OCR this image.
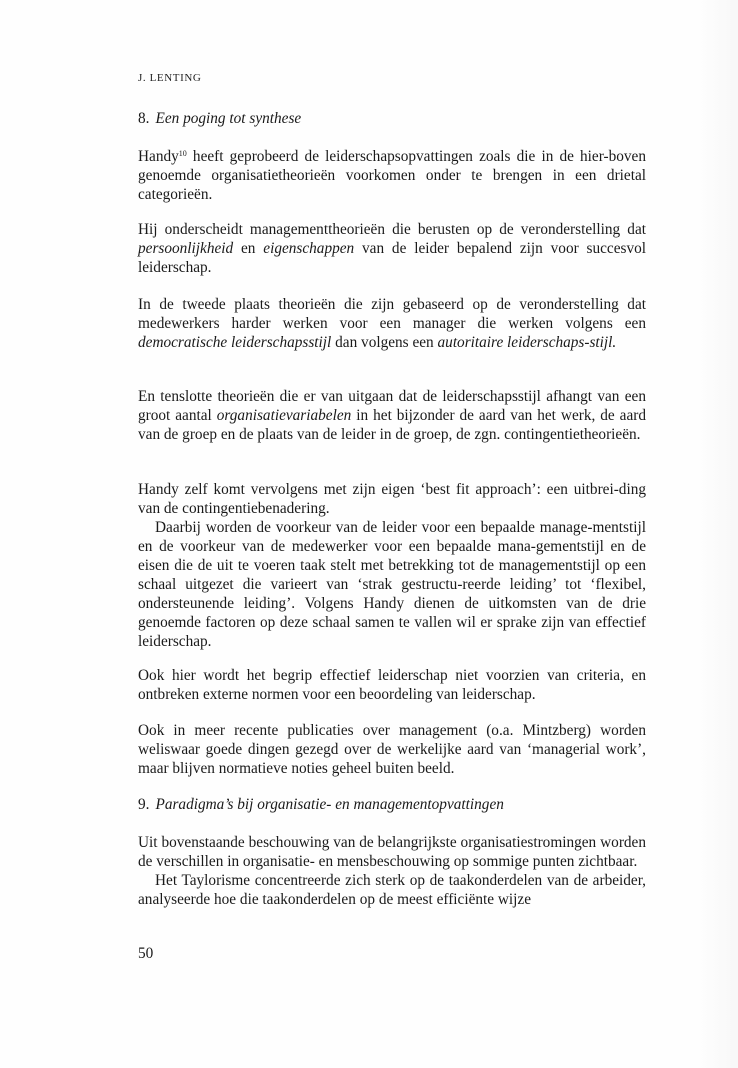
J. LENTING
8. Een poging tot synthese

Handy$^{10}$ heeft geprobeerd de leiderschapsopvattingen zoals die in de hier-boven genoemde organisatietheorieën voorkomen onder te brengen in een drietal categorieën.

Hij onderscheidt managementtheorieën die berusten op de veronderstelling dat persoonlijkheid en eigenschappen van de leider bepalend zijn voor succesvol leiderschap.

In de tweede plaats theorieën die zijn gebaseerd op de veronderstelling dat medewerkers harder werken voor een manager die werken volgens een democratische leiderschapsstijl dan volgens een autoritaire leiderschaps-stijl.

En tenslotte theorieën die er van uitgaan dat de leiderschapsstijl afhangt van een groot aantal organisatievariabelen in het bijzonder de aard van het werk, de aard van de groep en de plaats van de leider in de groep, de zgn. contingentietheorieën.

Handy zelf komt vervolgens met zijn eigen ‘best fit approach’: een uitbrei-ding van de contingentiebenadering.

Daarbij worden de voorkeur van de leider voor een bepaalde manage-mentstijl en de voorkeur van de medewerker voor een bepaalde mana-gementstijl en de eisen die de uit te voeren taak stelt met betrekking tot de managementstijl op een schaal uitgezet die varieert van ‘strak gestructu-reerde leiding’ tot ‘flexibel, ondersteunende leiding’. Volgens Handy dienen de uitkomsten van de drie genoemde factoren op deze schaal samen te vallen wil er sprake zijn van effectief leiderschap.

Ook hier wordt het begrip effectief leiderschap niet voorzien van criteria, en ontbreken externe normen voor een beoordeling van leiderschap.

Ook in meer recente publicaties over management (o.a. Mintzberg) worden weliswaar goede dingen gezegd over de werkelijke aard van ‘managerial work’, maar blijven normatieve noties geheel buiten beeld.

9. Paradigma’s bij organisatie- en managementopvattingen

Uit bovenstaande beschouwing van de belangrijkste organisatiestromingen worden de verschillen in organisatie- en mensbeschouwing op sommige punten zichtbaar.

Het Taylorisme concentreerde zich sterk op de taakonderdelen van de arbeider, analyseerde hoe die taakonderdelen op de meest efficiënte wijze

50
